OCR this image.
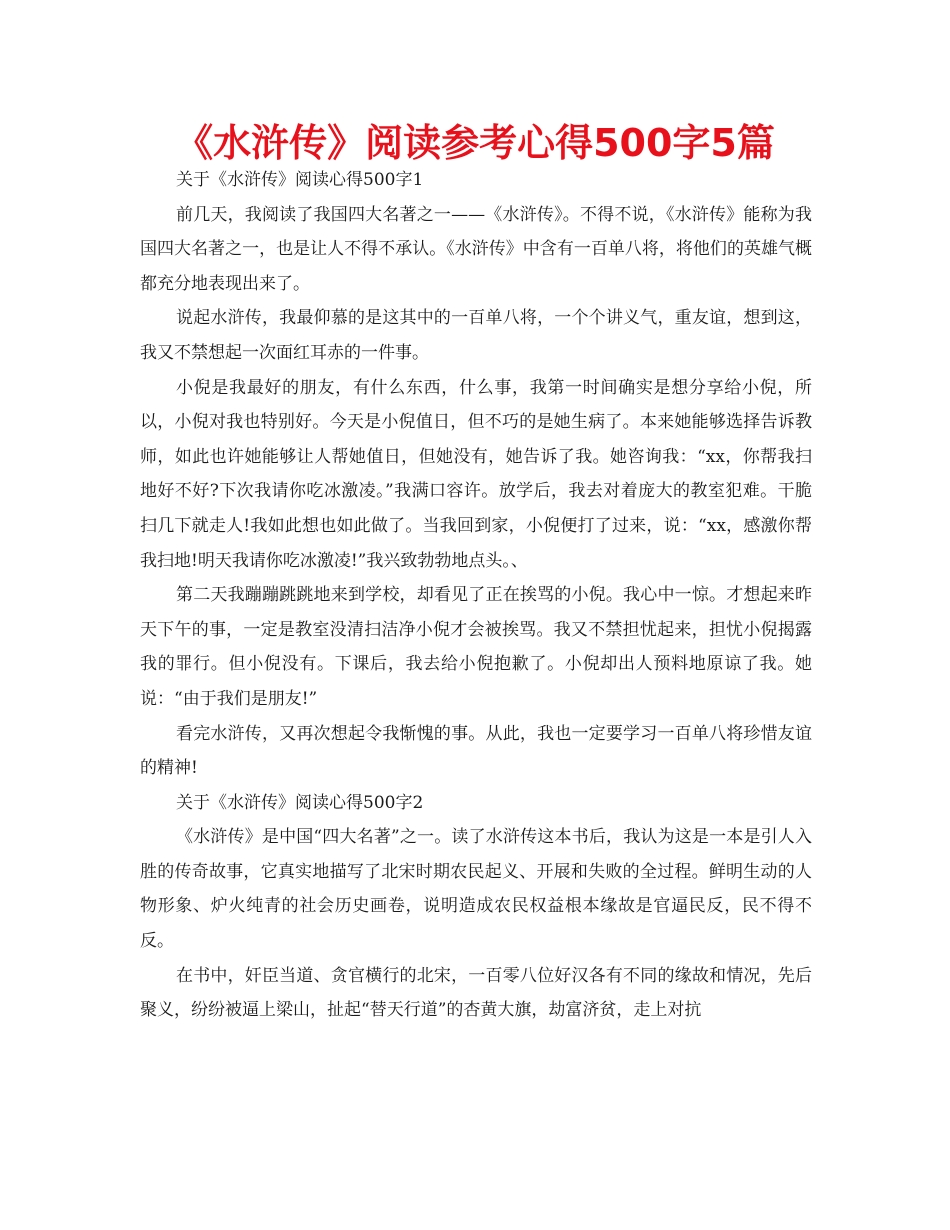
《水浒传》阅读参考心得500字5篇

关于《水浒传》阅读心得500字1

前几天，我阅读了我国四大名著之一——《水浒传》。不得不说，《水浒传》能称为我国四大名著之一，也是让人不得不承认。《水浒传》中含有一百单八将，将他们的英雄气概都充分地表现出来了。

说起水浒传，我最仰慕的是这其中的一百单八将，一个个讲义气，重友谊，想到这，我又不禁想起一次面红耳赤的一件事。

小倪是我最好的朋友，有什么东西，什么事，我第一时间确实是想分享给小倪，所以，小倪对我也特别好。今天是小倪值日，但不巧的是她生病了。本来她能够选择告诉教师，如此也许她能够让人帮她值日，但她没有，她告诉了我。她咨询我：“xx，你帮我扫地好不好?下次我请你吃冰激凌。”我满口容许。放学后，我去对着庞大的教室犯难。干脆扫几下就走人!我如此想也如此做了。当我回到家，小倪便打了过来，说：“xx，感激你帮我扫地!明天我请你吃冰激凌!”我兴致勃勃地点头。、

第二天我蹦蹦跳跳地来到学校，却看见了正在挨骂的小倪。我心中一惊。才想起来昨天下午的事，一定是教室没清扫洁净小倪才会被挨骂。我又不禁担忧起来，担忧小倪揭露我的罪行。但小倪没有。下课后，我去给小倪抱歉了。小倪却出人预料地原谅了我。她说：“由于我们是朋友!”

看完水浒传，又再次想起令我惭愧的事。从此，我也一定要学习一百单八将珍惜友谊的精神!

关于《水浒传》阅读心得500字2

《水浒传》是中国“四大名著”之一。读了水浒传这本书后，我认为这是一本是引人入胜的传奇故事，它真实地描写了北宋时期农民起义、开展和失败的全过程。鲜明生动的人物形象、炉火纯青的社会历史画卷，说明造成农民权益根本缘故是官逼民反，民不得不反。

在书中，奸臣当道、贪官横行的北宋，一百零八位好汉各有不同的缘故和情况，先后聚义，纷纷被逼上梁山，扯起“替天行道”的杏黄大旗，劫富济贫，走上对抗
